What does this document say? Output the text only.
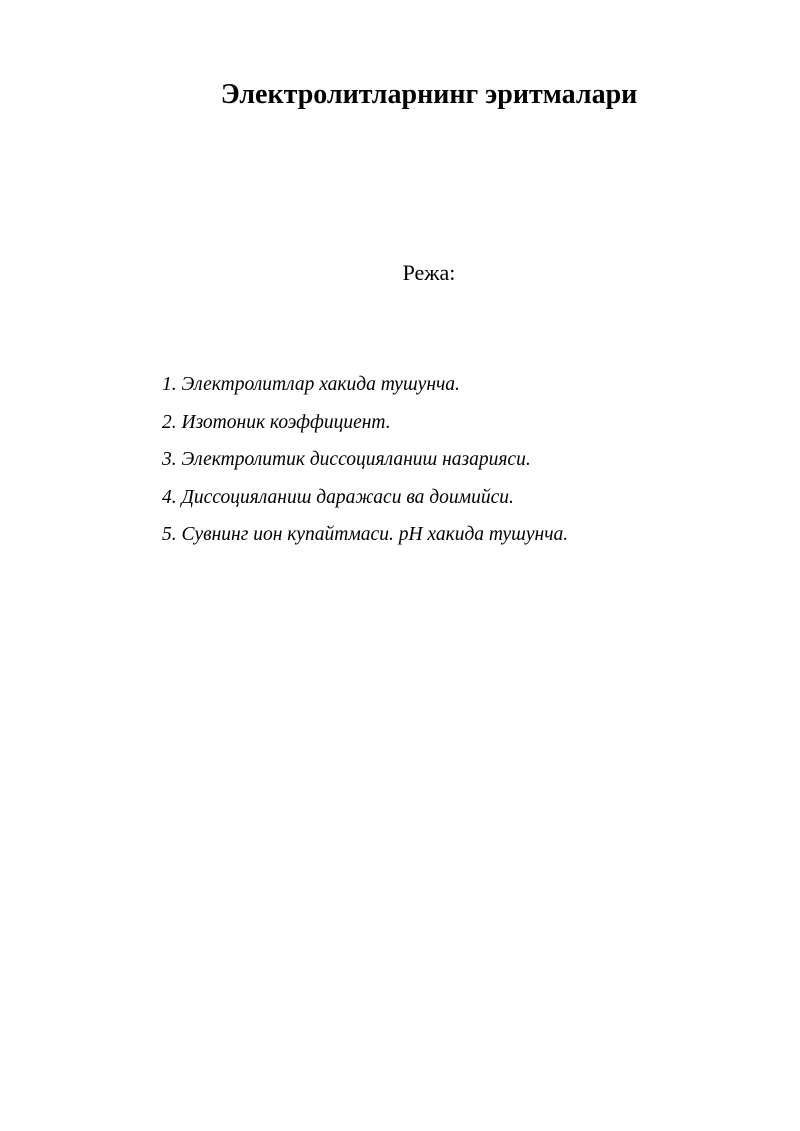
Электролитларнинг эритмалари
Режа:
1. Электролитлар хакида тушунча.
2. Изотоник коэффициент.
3. Электролитик диссоцияланиш назарияси.
4. Диссоцияланиш даражаси ва доимийси.
5. Сувнинг ион купайтмаси. pH хакида тушунча.
